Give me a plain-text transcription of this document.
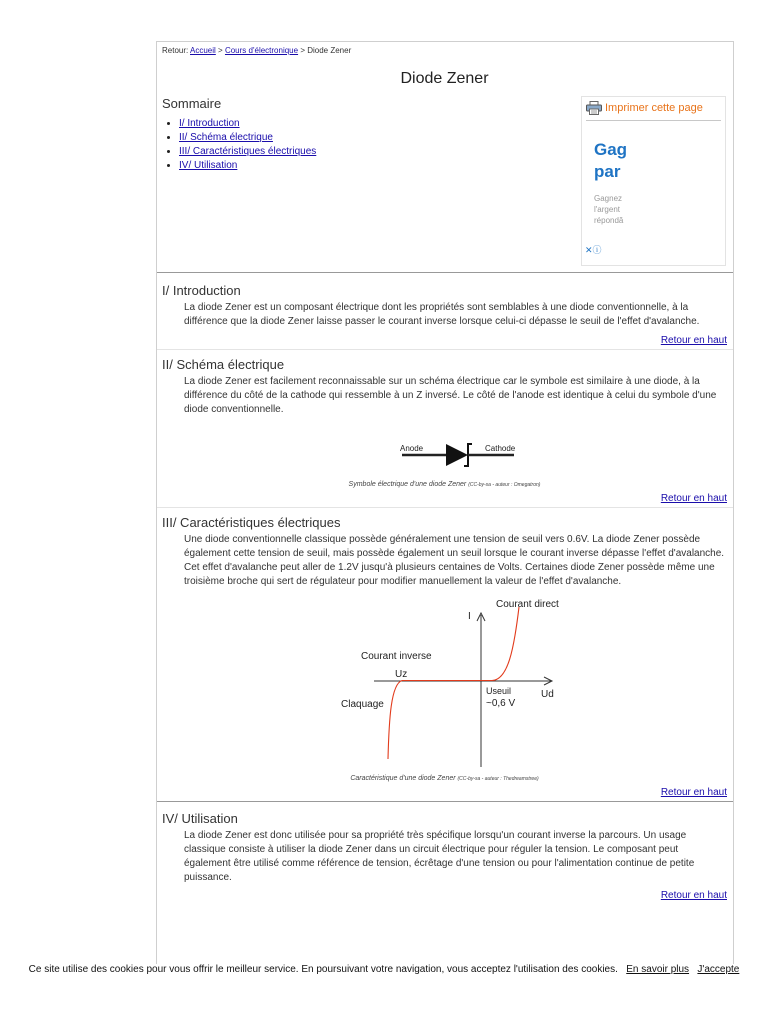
Retour: Accueil > Cours d'électronique > Diode Zener
Diode Zener
Sommaire
• I/ Introduction
• II/ Schéma électrique
• III/ Caractéristiques électriques
• IV/ Utilisation
Imprimer cette page
Gag
par
Gagnez
l'argent
répondă
✕ⓘ
I/ Introduction
La diode Zener est un composant électrique dont les propriétés sont semblables à une diode conventionnelle, à la différence que la diode Zener laisse passer le courant inverse lorsque celui-ci dépasse le seuil de l'effet d'avalanche.
Retour en haut
II/ Schéma électrique
La diode Zener est facilement reconnaissable sur un schéma électrique car le symbole est similaire à une diode, à la différence du côté de la cathode qui ressemble à un Z inversé. Le côté de l'anode est identique à celui du symbole d'une diode conventionnelle.
Anode	Cathode
Symbole électrique d'une diode Zener (CC-by-sa - auteur : Omegatron)
Retour en haut
III/ Caractéristiques électriques
Une diode conventionnelle classique possède généralement une tension de seuil vers 0.6V. La diode Zener possède également cette tension de seuil, mais possède également un seuil lorsque le courant inverse dépasse l'effet d'avalanche. Cet effet d'avalanche peut aller de 1.2V jusqu'à plusieurs centaines de Volts. Certaines diode Zener possède même une troisième broche qui sert de régulateur pour modifier manuellement la valeur de l'effet d'avalanche.
I
Courant direct
Courant inverse
Uz
Claquage
Useuil
~0,6 V
Ud
Caractéristique d'une diode Zener (CC-by-sa - auteur : Thedreamstree)
Retour en haut
IV/ Utilisation
La diode Zener est donc utilisée pour sa propriété très spécifique lorsqu'un courant inverse la parcours. Un usage classique consiste à utiliser la diode Zener dans un circuit électrique pour réguler la tension. Le composant peut également être utilisé comme référence de tension, écrêtage d'une tension ou pour l'alimentation continue de petite puissance.
Retour en haut
Ce site utilise des cookies pour vous offrir le meilleur service. En poursuivant votre navigation, vous acceptez l'utilisation des cookies. En savoir plus J'accepte
